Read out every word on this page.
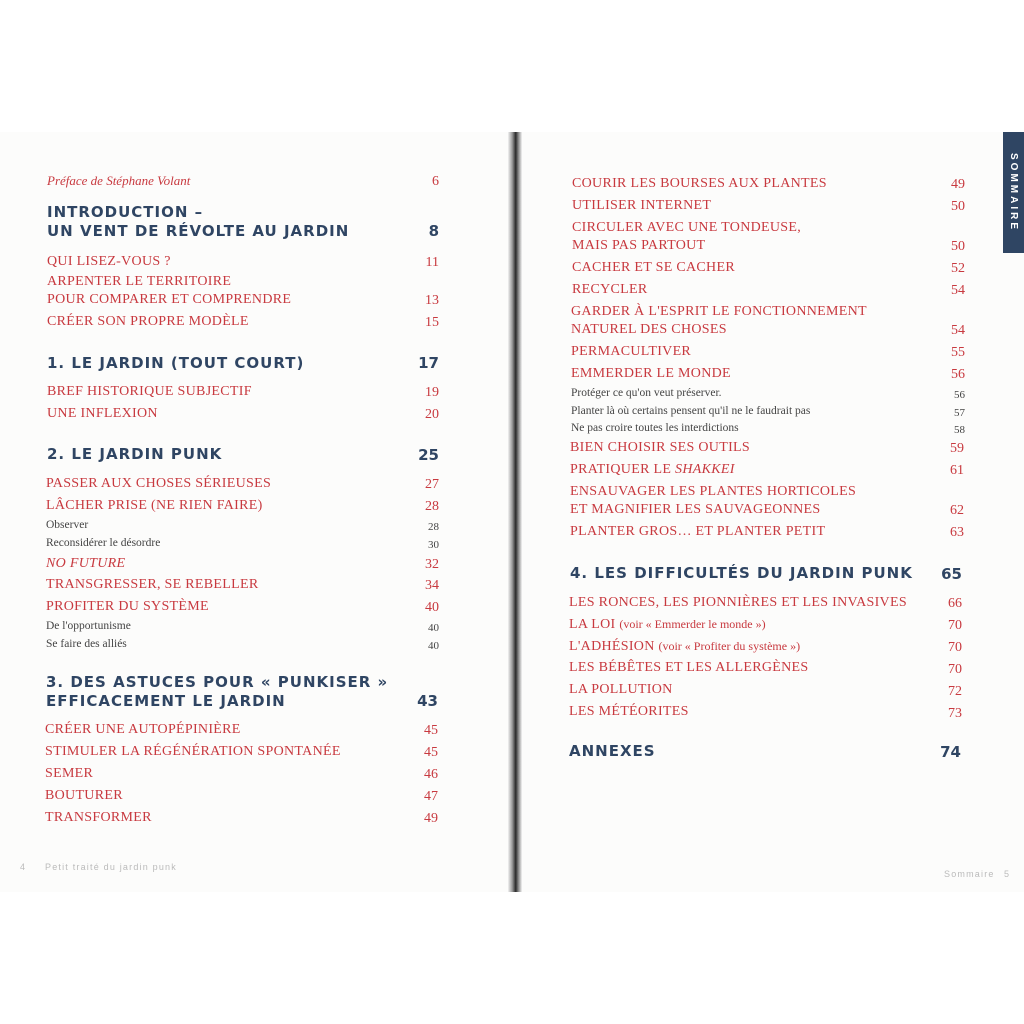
SOMMAIRE

Préface de Stéphane Volant	6

INTRODUCTION –

UN VENT DE RÉVOLTE AU JARDIN	8

QUI LISEZ-VOUS ?	11

ARPENTER LE TERRITOIRE

POUR COMPARER ET COMPRENDRE	13

CRÉER SON PROPRE MODÈLE	15

1. LE JARDIN (TOUT COURT)	17

BREF HISTORIQUE SUBJECTIF	19

UNE INFLEXION	20

2. LE JARDIN PUNK	25

PASSER AUX CHOSES SÉRIEUSES	27

LÂCHER PRISE (NE RIEN FAIRE)	28

Observer	28

Reconsidérer le désordre	30

NO FUTURE	32

TRANSGRESSER, SE REBELLER	34

PROFITER DU SYSTÈME	40

De l'opportunisme	40

Se faire des alliés	40

3. DES ASTUCES POUR « PUNKISER »

EFFICACEMENT LE JARDIN	43

CRÉER UNE AUTOPÉPINIÈRE	45

STIMULER LA RÉGÉNÉRATION SPONTANÉE	45

SEMER	46

BOUTURER	47

TRANSFORMER	49

4 Petit traité du jardin punk

COURIR LES BOURSES AUX PLANTES	49

UTILISER INTERNET	50

CIRCULER AVEC UNE TONDEUSE,

MAIS PAS PARTOUT	50

CACHER ET SE CACHER	52

RECYCLER	54

GARDER À L'ESPRIT LE FONCTIONNEMENT

NATUREL DES CHOSES	54

PERMACULTIVER	55

EMMERDER LE MONDE	56

Protéger ce qu'on veut préserver.	56

Planter là où certains pensent qu'il ne le faudrait pas	57

Ne pas croire toutes les interdictions	58

BIEN CHOISIR SES OUTILS	59

PRATIQUER LE SHAKKEI	61

ENSAUVAGER LES PLANTES HORTICOLES

ET MAGNIFIER LES SAUVAGEONNES	62

PLANTER GROS… ET PLANTER PETIT	63

4. LES DIFFICULTÉS DU JARDIN PUNK	65

LES RONCES, LES PIONNIÈRES ET LES INVASIVES	66

LA LOI (voir « Emmerder le monde »)	70

L'ADHÉSION (voir « Profiter du système »)	70

LES BÉBÊTES ET LES ALLERGÈNES	70

LA POLLUTION	72

LES MÉTÉORITES	73

ANNEXES	74

Sommaire 5
